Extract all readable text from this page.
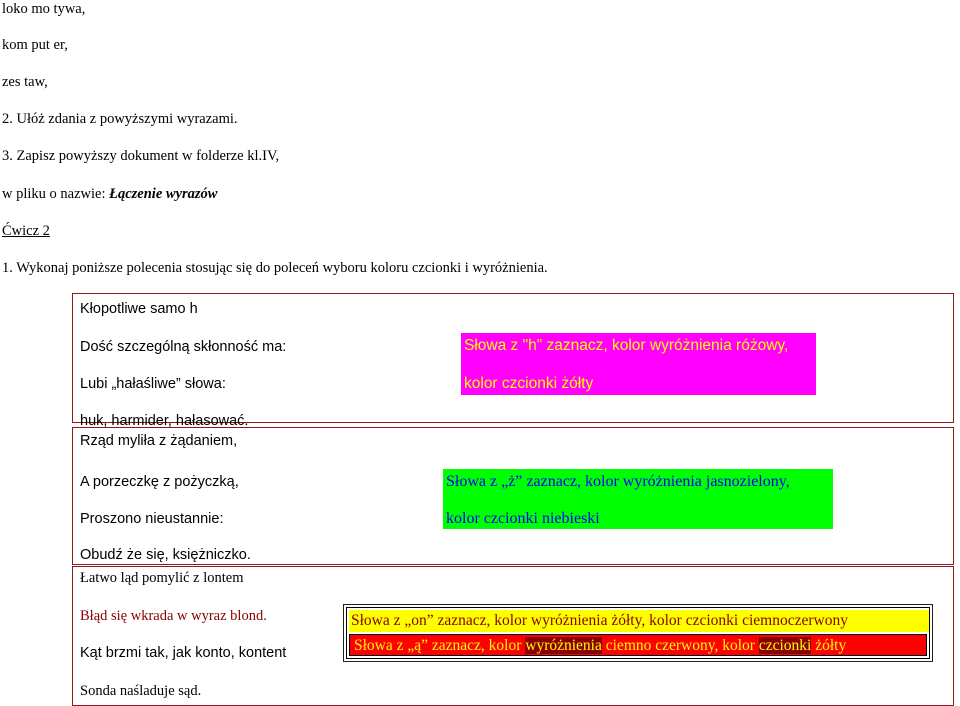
loko mo tywa,
kom put er,
zes taw,
2. Ułóż zdania z powyższymi wyrazami.
3. Zapisz powyższy dokument w folderze kl.IV,
w pliku o nazwie: Łączenie wyrazów
Ćwicz 2
1. Wykonaj poniższe polecenia stosując się do poleceń wyboru koloru czcionki i wyróżnienia.
Kłopotliwe samo h
Dość szczególną skłonność ma:
Lubi „hałaśliwe” słowa:
huk, harmider, hałasować.
Słowa z "h" zaznacz, kolor wyróżnienia różowy,
kolor czcionki żółty
Rząd myliła z żądaniem,
A porzeczkę z pożyczką,
Proszono nieustannie:
Obudź że się, księżniczko.
Słowa z „ż” zaznacz, kolor wyróżnienia jasnozielony,
kolor czcionki niebieski
Łatwo ląd pomylić z lontem
Błąd się wkrada w wyraz blond.
Kąt brzmi tak, jak konto, kontent
Sonda naśladuje sąd.
Słowa z „on” zaznacz, kolor wyróżnienia żółty, kolor czcionki ciemnoczerwony
Słowa z „ą” zaznacz, kolor wyróżnienia ciemno czerwony, kolor czcionki żółty
